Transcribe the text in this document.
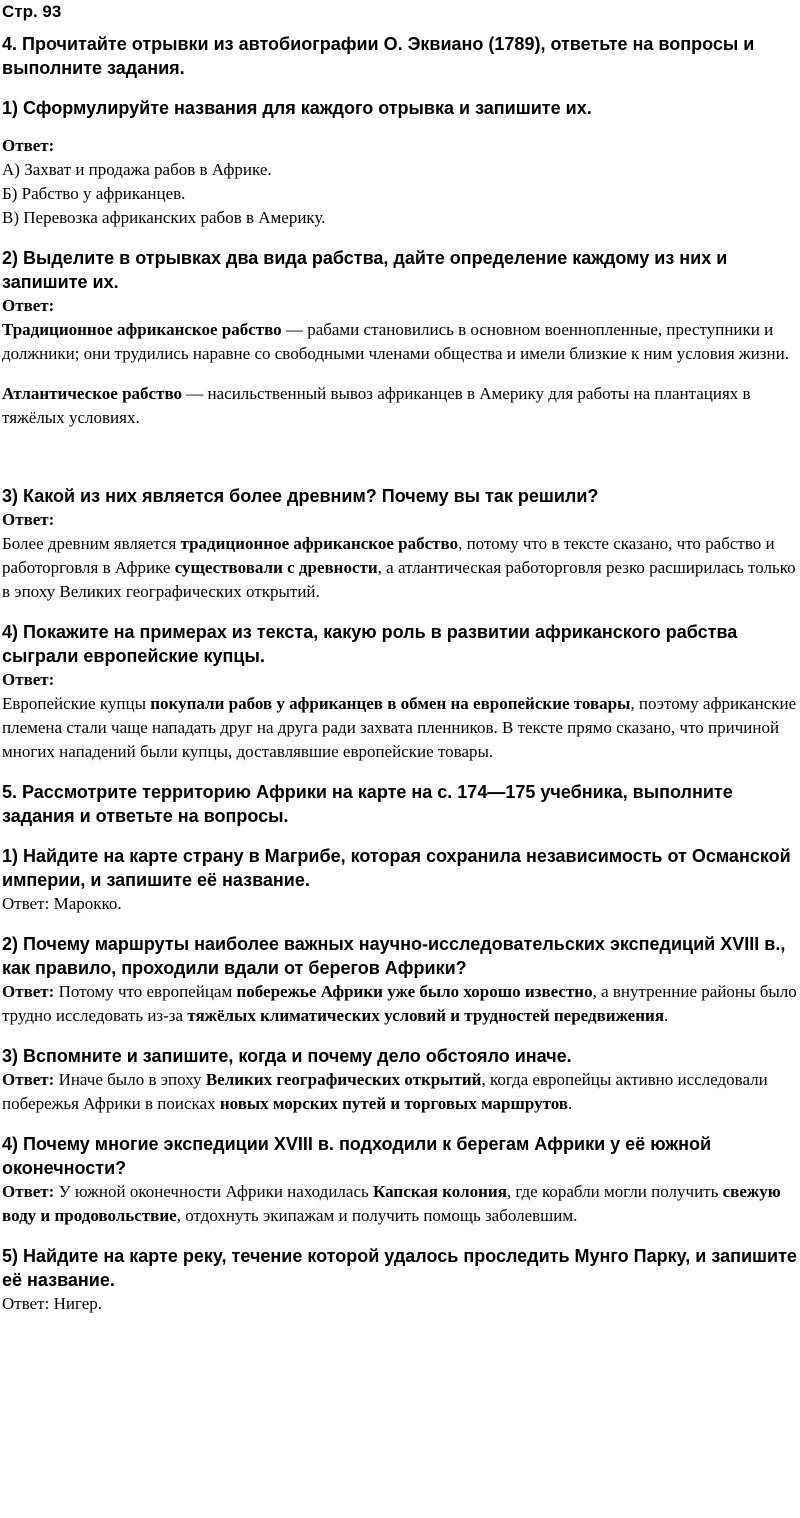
Стр. 93

4. Прочитайте отрывки из автобиографии О. Эквиано (1789), ответьте на вопросы и выполните задания.

1) Сформулируйте названия для каждого отрывка и запишите их.

Ответ:

А) Захват и продажа рабов в Африке.

Б) Рабство у африканцев.

В) Перевозка африканских рабов в Америку.

2) Выделите в отрывках два вида рабства, дайте определение каждому из них и запишите их.

Ответ:

Традиционное африканское рабство — рабами становились в основном военнопленные, преступники и должники; они трудились наравне со свободными членами общества и имели близкие к ним условия жизни.

Атлантическое рабство — насильственный вывоз африканцев в Америку для работы на плантациях в тяжёлых условиях.

3) Какой из них является более древним? Почему вы так решили?

Ответ:

Более древним является традиционное африканское рабство, потому что в тексте сказано, что рабство и работорговля в Африке существовали с древности, а атлантическая работорговля резко расширилась только в эпоху Великих географических открытий.

4) Покажите на примерах из текста, какую роль в развитии африканского рабства сыграли европейские купцы.

Ответ:

Европейские купцы покупали рабов у африканцев в обмен на европейские товары, поэтому африканские племена стали чаще нападать друг на друга ради захвата пленников. В тексте прямо сказано, что причиной многих нападений были купцы, доставлявшие европейские товары.

5. Рассмотрите территорию Африки на карте на с. 174—175 учебника, выполните задания и ответьте на вопросы.

1) Найдите на карте страну в Магрибе, которая сохранила независимость от Османской империи, и запишите её название.

Ответ: Марокко.

2) Почему маршруты наиболее важных научно-исследовательских экспедиций XVIII в., как правило, проходили вдали от берегов Африки?

Ответ: Потому что европейцам побережье Африки уже было хорошо известно, а внутренние районы было трудно исследовать из-за тяжёлых климатических условий и трудностей передвижения.

3) Вспомните и запишите, когда и почему дело обстояло иначе.

Ответ: Иначе было в эпоху Великих географических открытий, когда европейцы активно исследовали побережья Африки в поисках новых морских путей и торговых маршрутов.

4) Почему многие экспедиции XVIII в. подходили к берегам Африки у её южной оконечности?

Ответ: У южной оконечности Африки находилась Капская колония, где корабли могли получить свежую воду и продовольствие, отдохнуть экипажам и получить помощь заболевшим.

5) Найдите на карте реку, течение которой удалось проследить Мунго Парку, и запишите её название.

Ответ: Нигер.
